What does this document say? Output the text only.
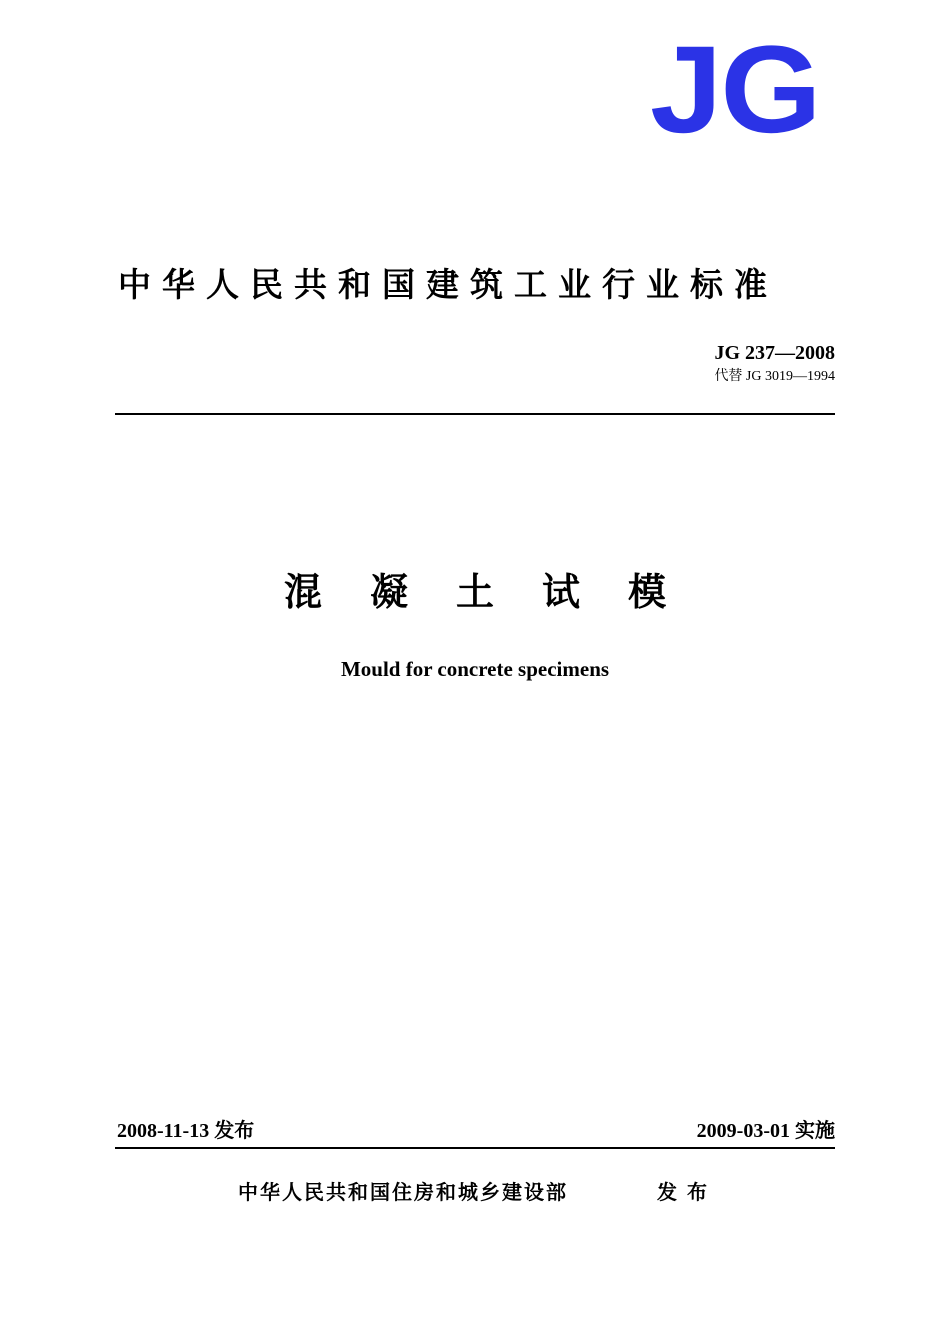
JG
中华人民共和国建筑工业行业标准
JG 237—2008
代替 JG 3019—1994
混凝土试模
Mould for concrete specimens
2008-11-13 发布	2009-03-01 实施
中华人民共和国住房和城乡建设部	发布
